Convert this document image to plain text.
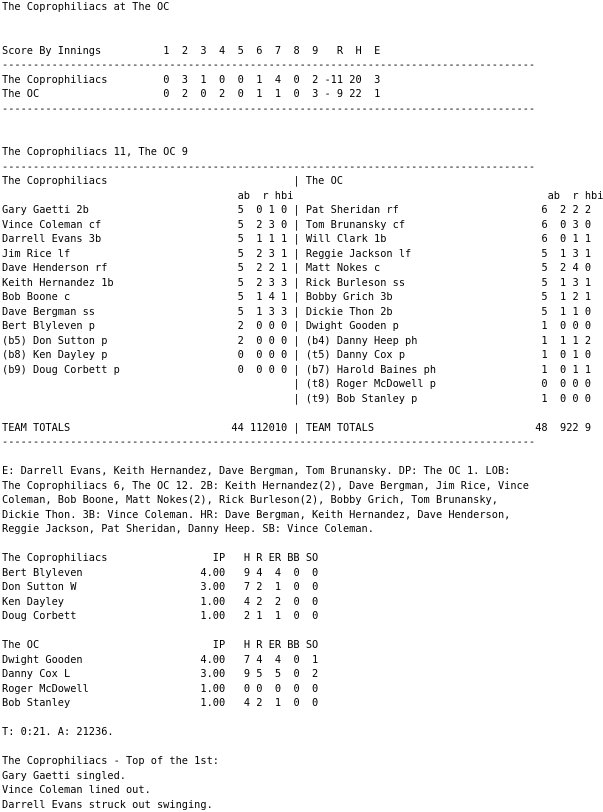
The Coprophiliacs at The OC

Score By Innings	1 2 3 4 5 6 7 8 9 R H E
--------------------------------------------------------------------------------------
The Coprophiliacs	0 3 1 0 0 1 4 0 2 -11 20 3
The OC	0 2 0 2 0 1 1 0 3 - 9 22 1
--------------------------------------------------------------------------------------

The Coprophiliacs 11, The OC 9
--------------------------------------------------------------------------------------
The Coprophiliacs	| The OC
ab r hbi	ab r hbi
Gary Gaetti 2b	5 0 1 0 | Pat Sheridan rf	6 2 2 2
Vince Coleman cf	5 2 3 0 | Tom Brunansky cf	6 0 3 0
Darrell Evans 3b	5 1 1 1 | Will Clark 1b	6 0 1 1
Jim Rice lf	5 2 3 1 | Reggie Jackson lf	5 1 3 1
Dave Henderson rf	5 2 2 1 | Matt Nokes c	5 2 4 0
Keith Hernandez 1b	5 2 3 3 | Rick Burleson ss	5 1 3 1
Bob Boone c	5 1 4 1 | Bobby Grich 3b	5 1 2 1
Dave Bergman ss	5 1 3 3 | Dickie Thon 2b	5 1 1 0
Bert Blyleven p	2 0 0 0 | Dwight Gooden p	1 0 0 0
(b5) Don Sutton p	2 0 0 0 | (b4) Danny Heep ph	1 1 1 2
(b8) Ken Dayley p	0 0 0 0 | (t5) Danny Cox p	1 0 1 0
(b9) Doug Corbett p	0 0 0 0 | (b7) Harold Baines ph	1 0 1 1
| (t8) Roger McDowell p	0 0 0 0
| (t9) Bob Stanley p	1 0 0 0

TEAM TOTALS	44 112010 | TEAM TOTALS	48 922 9
--------------------------------------------------------------------------------------

E: Darrell Evans, Keith Hernandez, Dave Bergman, Tom Brunansky. DP: The OC 1. LOB:
The Coprophiliacs 6, The OC 12. 2B: Keith Hernandez(2), Dave Bergman, Jim Rice, Vince
Coleman, Bob Boone, Matt Nokes(2), Rick Burleson(2), Bobby Grich, Tom Brunansky,
Dickie Thon. 3B: Vince Coleman. HR: Dave Bergman, Keith Hernandez, Dave Henderson,
Reggie Jackson, Pat Sheridan, Danny Heep. SB: Vince Coleman.

The Coprophiliacs	IP H R ER BB SO
Bert Blyleven	4.00 9 4 4 0 0
Don Sutton W	3.00 7 2 1 0 0
Ken Dayley	1.00 4 2 2 0 0
Doug Corbett	1.00 2 1 1 0 0

The OC	IP H R ER BB SO
Dwight Gooden	4.00 7 4 4 0 1
Danny Cox L	3.00 9 5 5 0 2
Roger McDowell	1.00 0 0 0 0 0
Bob Stanley	1.00 4 2 1 0 0

T: 0:21. A: 21236.

The Coprophiliacs - Top of the 1st:
Gary Gaetti singled.
Vince Coleman lined out.
Darrell Evans struck out swinging.
